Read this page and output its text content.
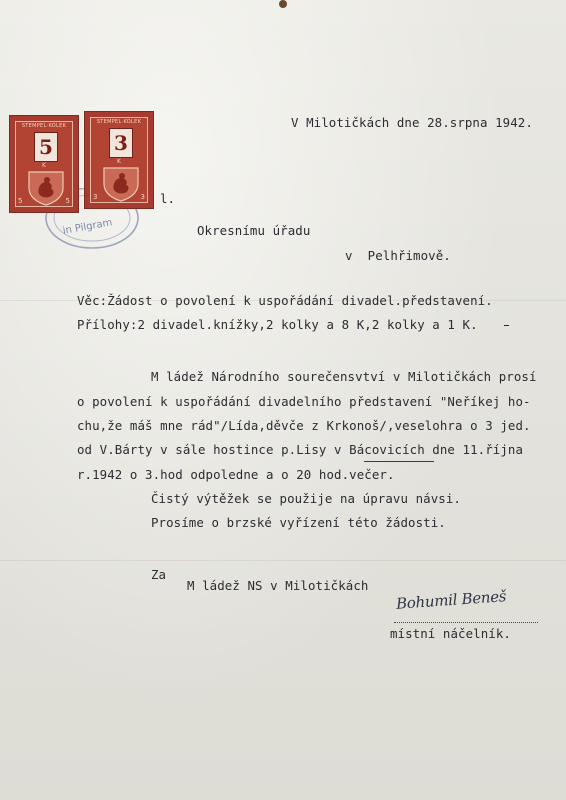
in Pilgram
STEMPEL·KOLEK
5
K
5	5
STEMPEL·KOLEK
3
K
3	3
V Milotičkách dne 28.srpna 1942.
l.
Okresnímu úřadu
v  Pelhřimově.
Věc:Žádost o povolení k uspořádání divadel.představení.
Přílohy:2 divadel.knížky,2 kolky a 8 K,2 kolky a 1 K.
M ládež Národního sourečensvtví v Milotičkách prosí
o povolení k uspořádání divadelního představení "Neříkej ho-
chu,že máš mne rád"/Lída,děvče z Krkonoš/,veselohra o 3 jed.
od V.Bárty v sále hostince p.Lisy v Bácovicích dne 11.října
r.1942 o 3.hod odpoledne a o 20 hod.večer.
Čistý výtěžek se použije na úpravu návsi.
Prosíme o brzské vyřízení této žádosti.
Za
M ládež NS v Milotičkách
Bohumil Beneš
místní náčelník.
